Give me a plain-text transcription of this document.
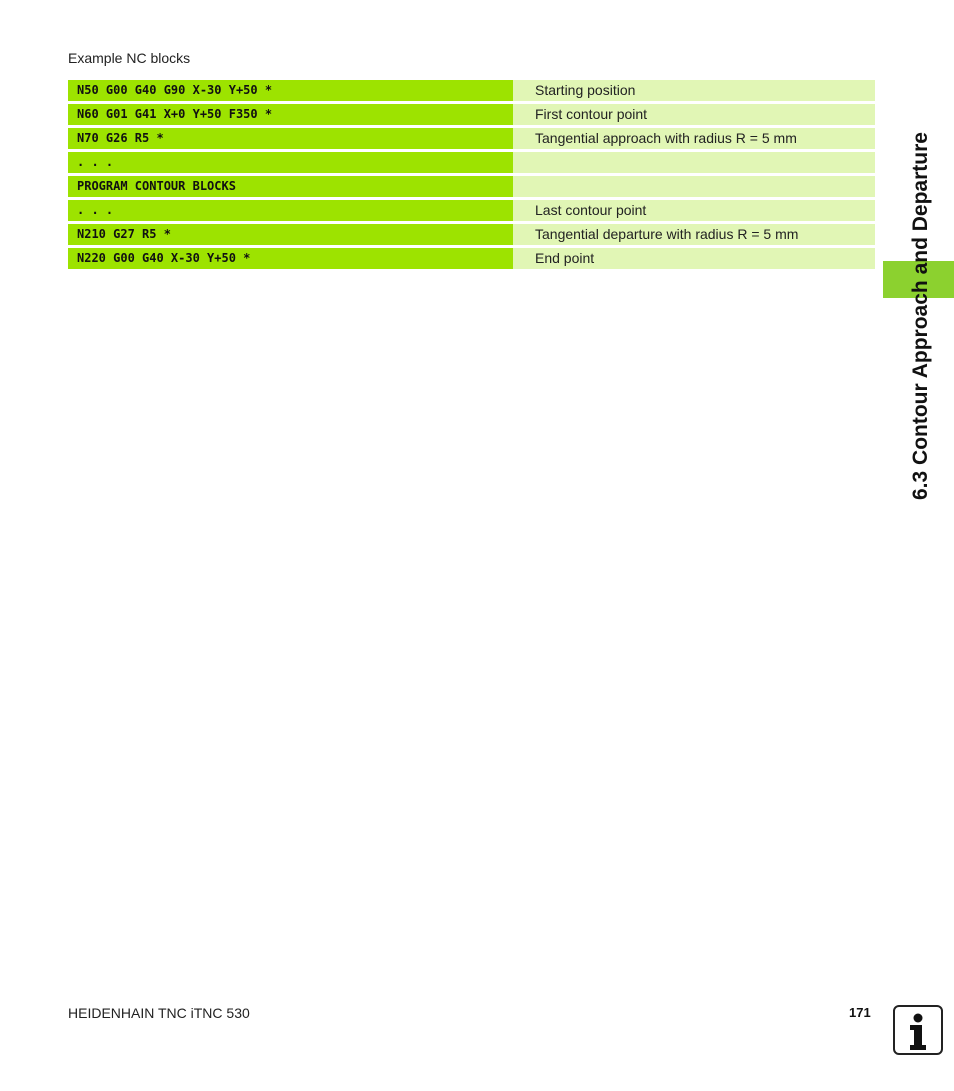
Example NC blocks
N50 G00 G40 G90 X-30 Y+50 *	Starting position
N60 G01 G41 X+0 Y+50 F350 *	First contour point
N70 G26 R5 *	Tangential approach with radius R = 5 mm
. . .
PROGRAM CONTOUR BLOCKS
. . .	Last contour point
N210 G27 R5 *	Tangential departure with radius R = 5 mm
N220 G00 G40 X-30 Y+50 *	End point	6.3 Contour Approach and Departure
HEIDENHAIN TNC iTNC 530	171
